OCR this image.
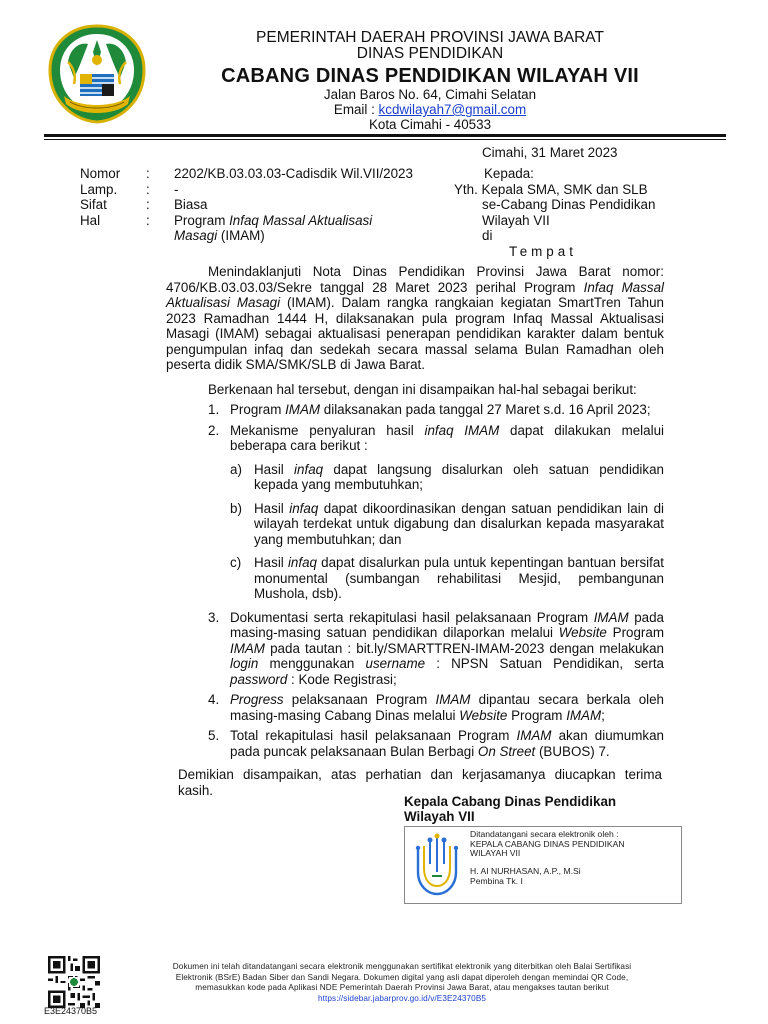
PEMERINTAH DAERAH PROVINSI JAWA BARAT
DINAS PENDIDIKAN
CABANG DINAS PENDIDIKAN WILAYAH VII
Jalan Baros No. 64, Cimahi Selatan
Email : kcdwilayah7@gmail.com
Kota Cimahi - 40533
Cimahi, 31 Maret 2023
Nomor	:	2202/KB.03.03.03-Cadisdik Wil.VII/2023
Lamp.	:	-
Sifat	:	Biasa
Hal	:	Program Infaq Massal Aktualisasi Masagi (IMAM)
Kepada:
Yth. Kepala SMA, SMK dan SLB
se-Cabang Dinas Pendidikan
Wilayah VII
di
Tempat

Menindaklanjuti Nota Dinas Pendidikan Provinsi Jawa Barat nomor: 4706/KB.03.03.03/Sekre tanggal 28 Maret 2023 perihal Program Infaq Massal Aktualisasi Masagi (IMAM). Dalam rangka rangkaian kegiatan SmartTren Tahun 2023 Ramadhan 1444 H, dilaksanakan pula program Infaq Massal Aktualisasi Masagi (IMAM) sebagai aktualisasi penerapan pendidikan karakter dalam bentuk pengumpulan infaq dan sedekah secara massal selama Bulan Ramadhan oleh peserta didik SMA/SMK/SLB di Jawa Barat.

Berkenaan hal tersebut, dengan ini disampaikan hal-hal sebagai berikut:

1. Program IMAM dilaksanakan pada tanggal 27 Maret s.d. 16 April 2023;
2. Mekanisme penyaluran hasil infaq IMAM dapat dilakukan melalui beberapa cara berikut :
a) Hasil infaq dapat langsung disalurkan oleh satuan pendidikan kepada yang membutuhkan;
b) Hasil infaq dapat dikoordinasikan dengan satuan pendidikan lain di wilayah terdekat untuk digabung dan disalurkan kepada masyarakat yang membutuhkan; dan
c) Hasil infaq dapat disalurkan pula untuk kepentingan bantuan bersifat monumental (sumbangan rehabilitasi Mesjid, pembangunan Mushola, dsb).
3. Dokumentasi serta rekapitulasi hasil pelaksanaan Program IMAM pada masing-masing satuan pendidikan dilaporkan melalui Website Program IMAM pada tautan : bit.ly/SMARTTREN-IMAM-2023 dengan melakukan login menggunakan username : NPSN Satuan Pendidikan, serta password : Kode Registrasi;
4. Progress pelaksanaan Program IMAM dipantau secara berkala oleh masing-masing Cabang Dinas melalui Website Program IMAM;
5. Total rekapitulasi hasil pelaksanaan Program IMAM akan diumumkan pada puncak pelaksanaan Bulan Berbagi On Street (BUBOS) 7.

Demikian disampaikan, atas perhatian dan kerjasamanya diucapkan terima kasih.

Kepala Cabang Dinas Pendidikan
Wilayah VII
Ditandatangani secara elektronik oleh :
KEPALA CABANG DINAS PENDIDIKAN
WILAYAH VII
H. AI NURHASAN, A.P., M.Si
Pembina Tk. I
E3E24370B5
Dokumen ini telah ditandatangani secara elektronik menggunakan sertifikat elektronik yang diterbitkan oleh Balai Sertifikasi
Elektronik (BSrE) Badan Siber dan Sandi Negara. Dokumen digital yang asli dapat diperoleh dengan memindai QR Code,
memasukkan kode pada Aplikasi NDE Pemerintah Daerah Provinsi Jawa Barat, atau mengakses tautan berikut
https://sidebar.jabarprov.go.id/v/E3E24370B5
